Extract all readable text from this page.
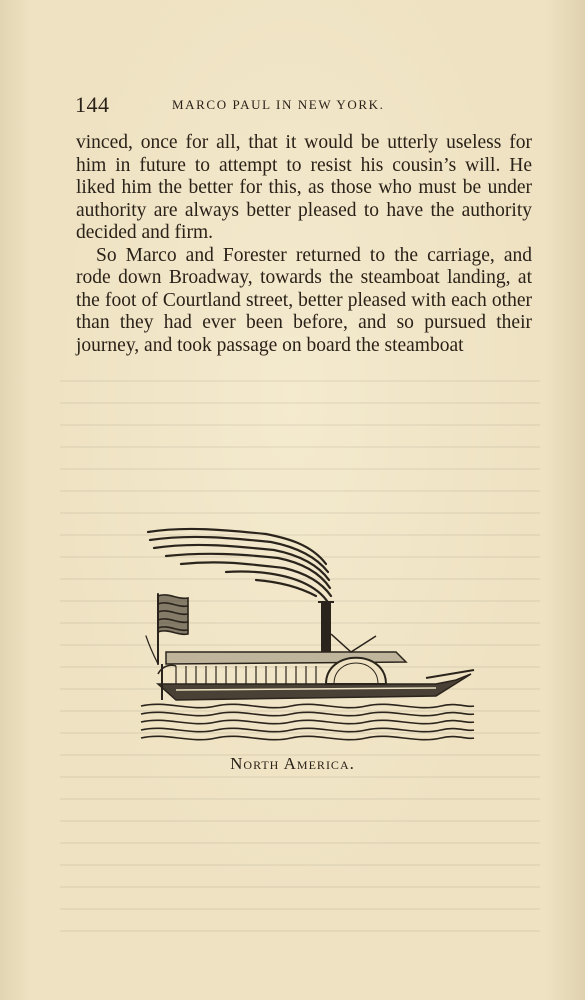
144	MARCO PAUL IN NEW YORK.

vinced, once for all, that it would be utterly useless for him in future to attempt to resist his cousin’s will. He liked him the better for this, as those who must be under authority are always better pleased to have the authority decided and firm.

So Marco and Forester returned to the carriage, and rode down Broadway, towards the steamboat landing, at the foot of Courtland street, better pleased with each other than they had ever been before, and so pursued their journey, and took passage on board the steamboat

North America.
